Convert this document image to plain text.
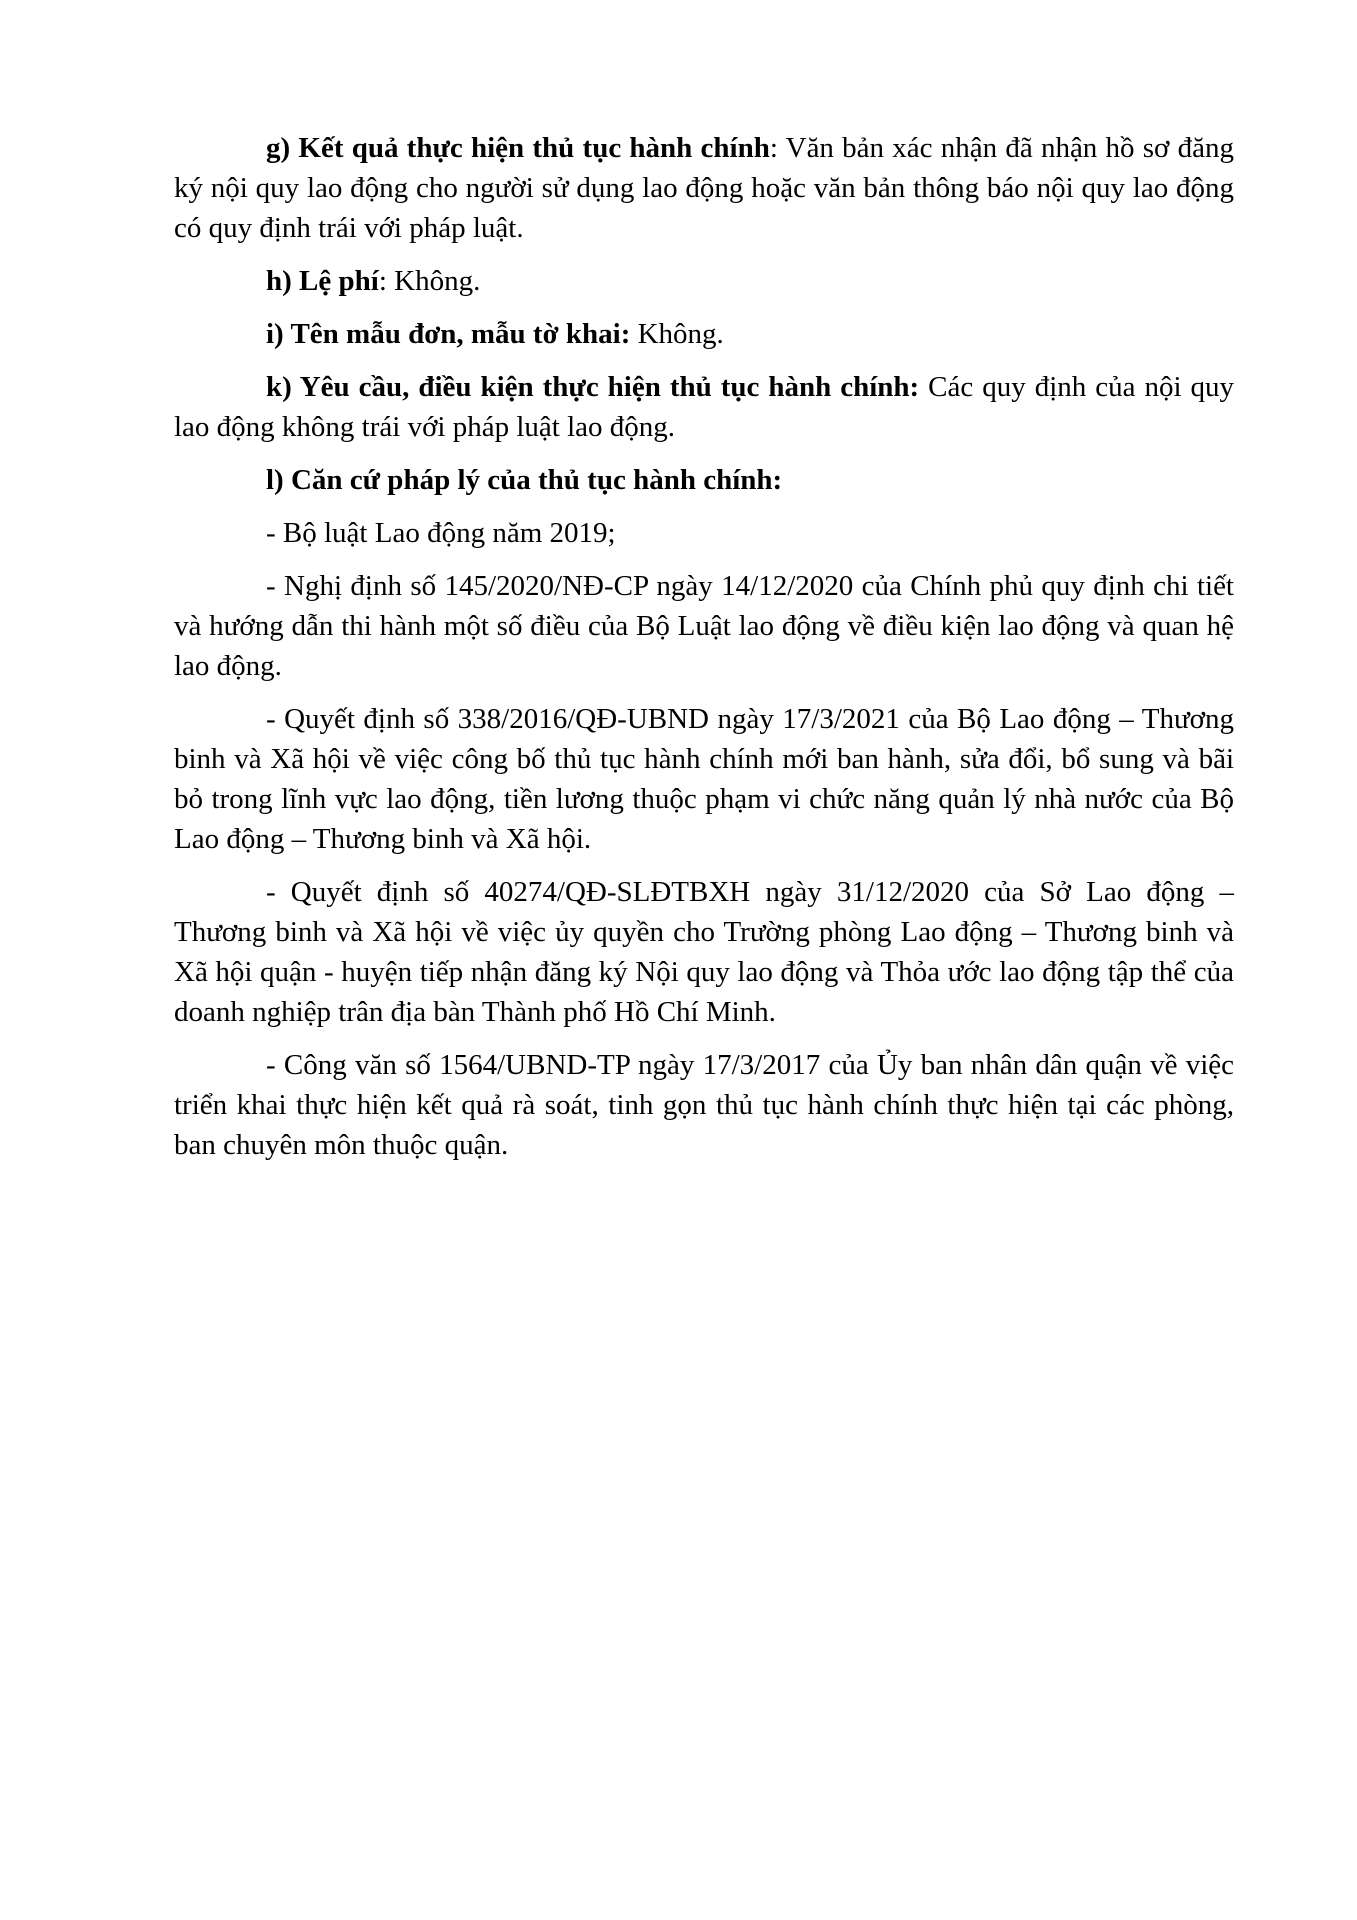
g) Kết quả thực hiện thủ tục hành chính: Văn bản xác nhận đã nhận hồ sơ đăng ký nội quy lao động cho người sử dụng lao động hoặc văn bản thông báo nội quy lao động có quy định trái với pháp luật.

h) Lệ phí: Không.

i) Tên mẫu đơn, mẫu tờ khai: Không.

k) Yêu cầu, điều kiện thực hiện thủ tục hành chính: Các quy định của nội quy lao động không trái với pháp luật lao động.

l) Căn cứ pháp lý của thủ tục hành chính:

- Bộ luật Lao động năm 2019;

- Nghị định số 145/2020/NĐ-CP ngày 14/12/2020 của Chính phủ quy định chi tiết và hướng dẫn thi hành một số điều của Bộ Luật lao động về điều kiện lao động và quan hệ lao động.

- Quyết định số 338/2016/QĐ-UBND ngày 17/3/2021 của Bộ Lao động – Thương binh và Xã hội về việc công bố thủ tục hành chính mới ban hành, sửa đổi, bổ sung và bãi bỏ trong lĩnh vực lao động, tiền lương thuộc phạm vi chức năng quản lý nhà nước của Bộ Lao động – Thương binh và Xã hội.

- Quyết định số 40274/QĐ-SLĐTBXH ngày 31/12/2020 của Sở Lao động – Thương binh và Xã hội về việc ủy quyền cho Trường phòng Lao động – Thương binh và Xã hội quận - huyện tiếp nhận đăng ký Nội quy lao động và Thỏa ước lao động tập thể của doanh nghiệp trân địa bàn Thành phố Hồ Chí Minh.

- Công văn số 1564/UBND-TP ngày 17/3/2017 của Ủy ban nhân dân quận về việc triển khai thực hiện kết quả rà soát, tinh gọn thủ tục hành chính thực hiện tại các phòng, ban chuyên môn thuộc quận.
